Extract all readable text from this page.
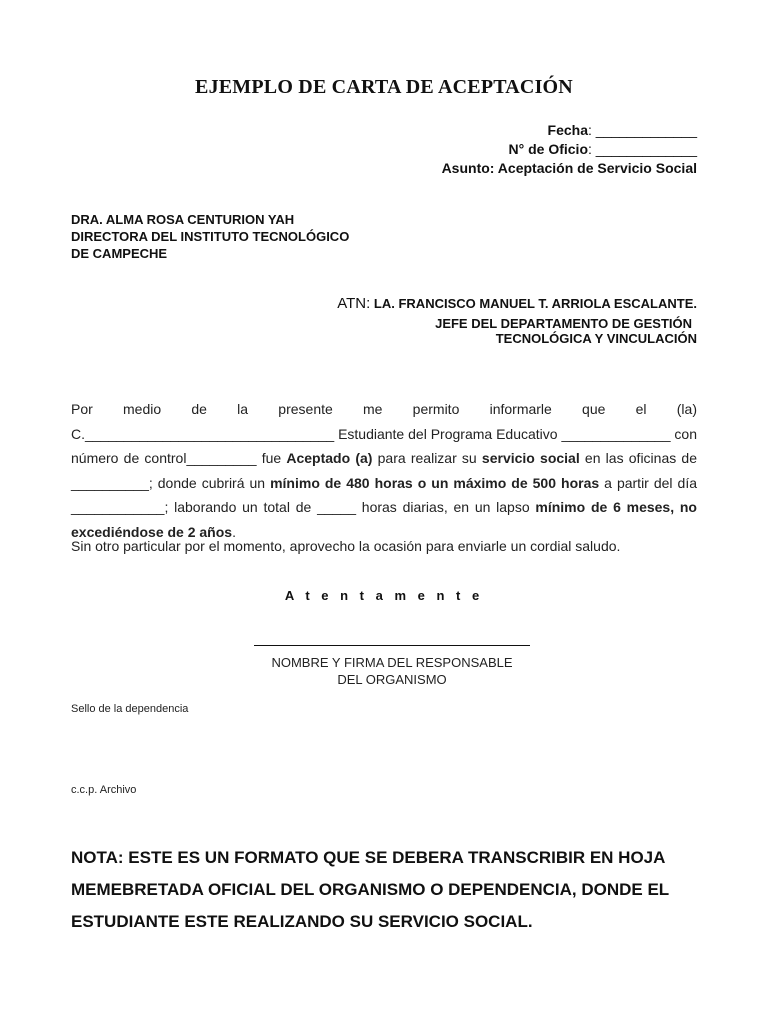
EJEMPLO DE CARTA DE ACEPTACIÓN
Fecha: _____________
N° de Oficio: _____________
Asunto: Aceptación de Servicio Social
DRA. ALMA ROSA CENTURION YAH
DIRECTORA DEL INSTITUTO TECNOLÓGICO
DE CAMPECHE
ATN: LA. FRANCISCO MANUEL T. ARRIOLA ESCALANTE.
JEFE DEL DEPARTAMENTO DE GESTIÓN
TECNOLÓGICA Y VINCULACIÓN

Por medio de la presente me permito informarle que el (la) C.________________________________ Estudiante del Programa Educativo ______________ con número de control_________ fue Aceptado (a) para realizar su servicio social en las oficinas de __________; donde cubrirá un mínimo de 480 horas o un máximo de 500 horas a partir del día ____________; laborando un total de _____ horas diarias, en un lapso mínimo de 6 meses, no excediéndose de 2 años.

Sin otro particular por el momento, aprovecho la ocasión para enviarle un cordial saludo.

A t e n t a m e n t e
NOMBRE Y FIRMA DEL RESPONSABLE
DEL ORGANISMO
Sello de la dependencia
c.c.p. Archivo

NOTA: ESTE ES UN FORMATO QUE SE DEBERA TRANSCRIBIR EN HOJA MEMEBRETADA OFICIAL DEL ORGANISMO O DEPENDENCIA, DONDE EL ESTUDIANTE ESTE REALIZANDO SU SERVICIO SOCIAL.
